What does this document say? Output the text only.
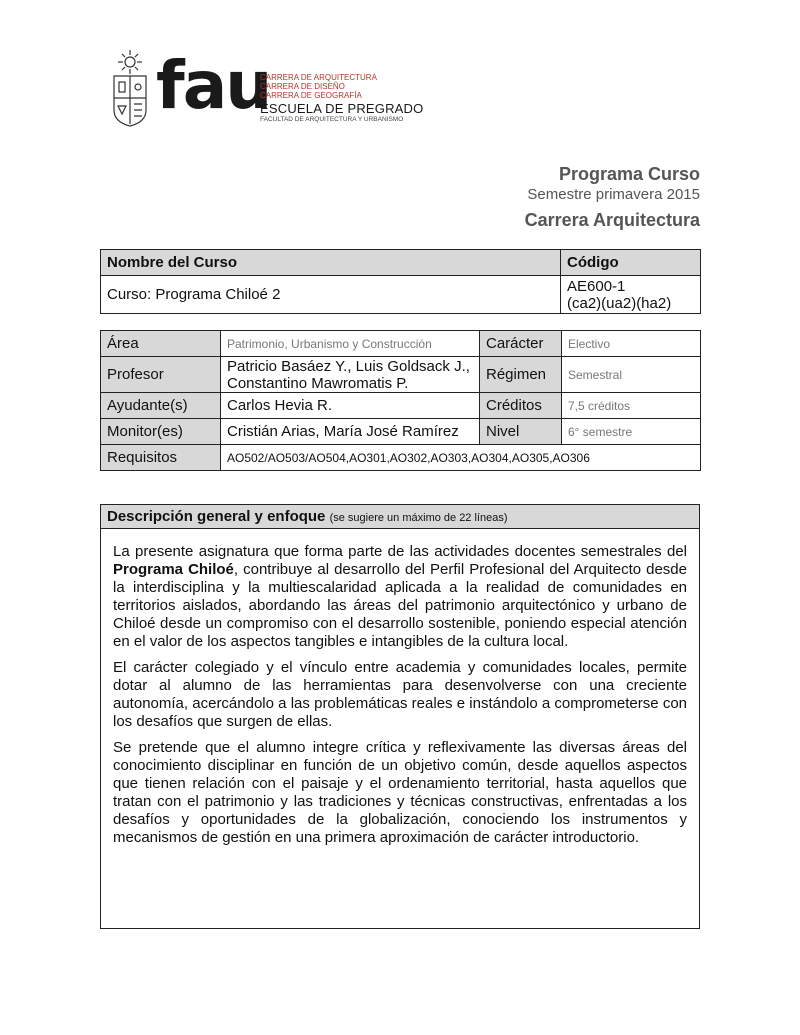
fau
CARRERA DE ARQUITECTURA
CARRERA DE DISEÑO
CARRERA DE GEOGRAFÍA
ESCUELA DE PREGRADO
FACULTAD DE ARQUITECTURA Y URBANISMO
Programa Curso
Semestre primavera 2015
Carrera Arquitectura
Nombre del Curso	Código
Curso: Programa Chiloé 2	AE600-1
(ca2)(ua2)(ha2)
Área	Patrimonio, Urbanismo y Construcción	Carácter	Electivo
Profesor	Patricio Basáez Y., Luis Goldsack J., Constantino Mawromatis P.	Régimen	Semestral
Ayudante(s)	Carlos Hevia R.	Créditos	7,5 créditos
Monitor(es)	Cristián Arias, María José Ramírez	Nivel	6° semestre
Requisitos	AO502/AO503/AO504,AO301,AO302,AO303,AO304,AO305,AO306		
Descripción general y enfoque (se sugiere un máximo de 22 líneas)

La presente asignatura que forma parte de las actividades docentes semestrales del Programa Chiloé, contribuye al desarrollo del Perfil Profesional del Arquitecto desde la interdisciplina y la multiescalaridad aplicada a la realidad de comunidades en territorios aislados, abordando las áreas del patrimonio arquitectónico y urbano de Chiloé desde un compromiso con el desarrollo sostenible, poniendo especial atención en el valor de los aspectos tangibles e intangibles de la cultura local.

El carácter colegiado y el vínculo entre academia y comunidades locales, permite dotar al alumno de las herramientas para desenvolverse con una creciente autonomía, acercándolo a las problemáticas reales e instándolo a comprometerse con los desafíos que surgen de ellas.

Se pretende que el alumno integre crítica y reflexivamente las diversas áreas del conocimiento disciplinar en función de un objetivo común, desde aquellos aspectos que tienen relación con el paisaje y el ordenamiento territorial, hasta aquellos que tratan con el patrimonio y las tradiciones y técnicas constructivas, enfrentadas a los desafíos y oportunidades de la globalización, conociendo los instrumentos y mecanismos de gestión en una primera aproximación de carácter introductorio.
